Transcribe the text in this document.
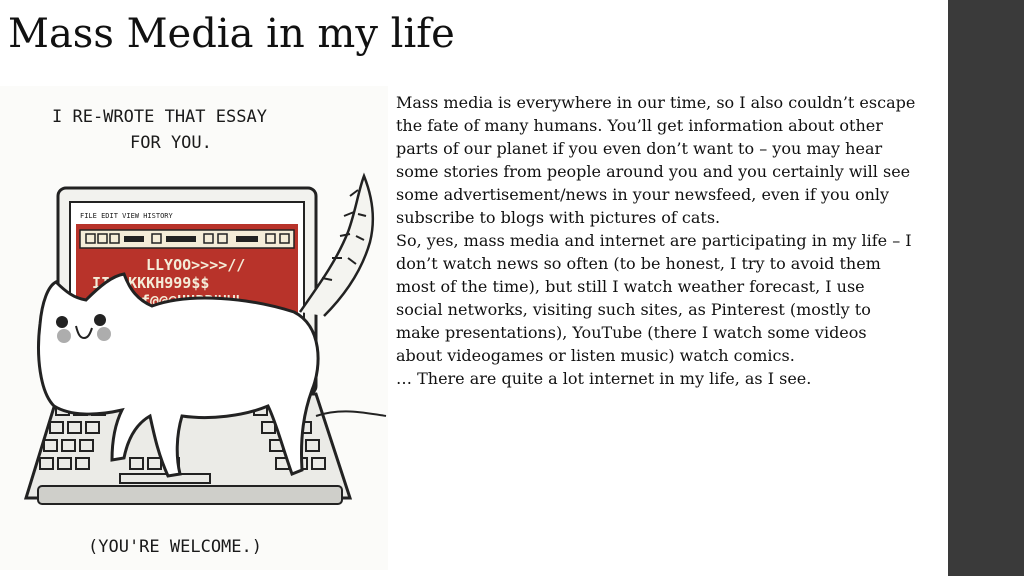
Mass Media in my life
I RE-WROTE THAT ESSAY
FOR YOU.
FILE EDIT VIEW HISTORY
LLYOO>>>>//
IIOOKKKH999$$
(YOU'RE WELCOME.)

Mass media is everywhere in our time, so I also couldn’t escape the fate of many humans. You’ll get information about other parts of our planet if you even don’t want to – you may hear some stories from people around you and you certainly will see some advertisement/news in your newsfeed, even if you only subscribe to blogs with pictures of cats.

So, yes, mass media and internet are participating in my life – I don’t watch news so often (to be honest, I try to avoid them most of the time), but still I watch weather forecast, I use social networks, visiting such sites, as Pinterest (mostly to make presentations), YouTube (there I watch some videos about videogames or listen music) watch comics.

… There are quite a lot internet in my life, as I see.
